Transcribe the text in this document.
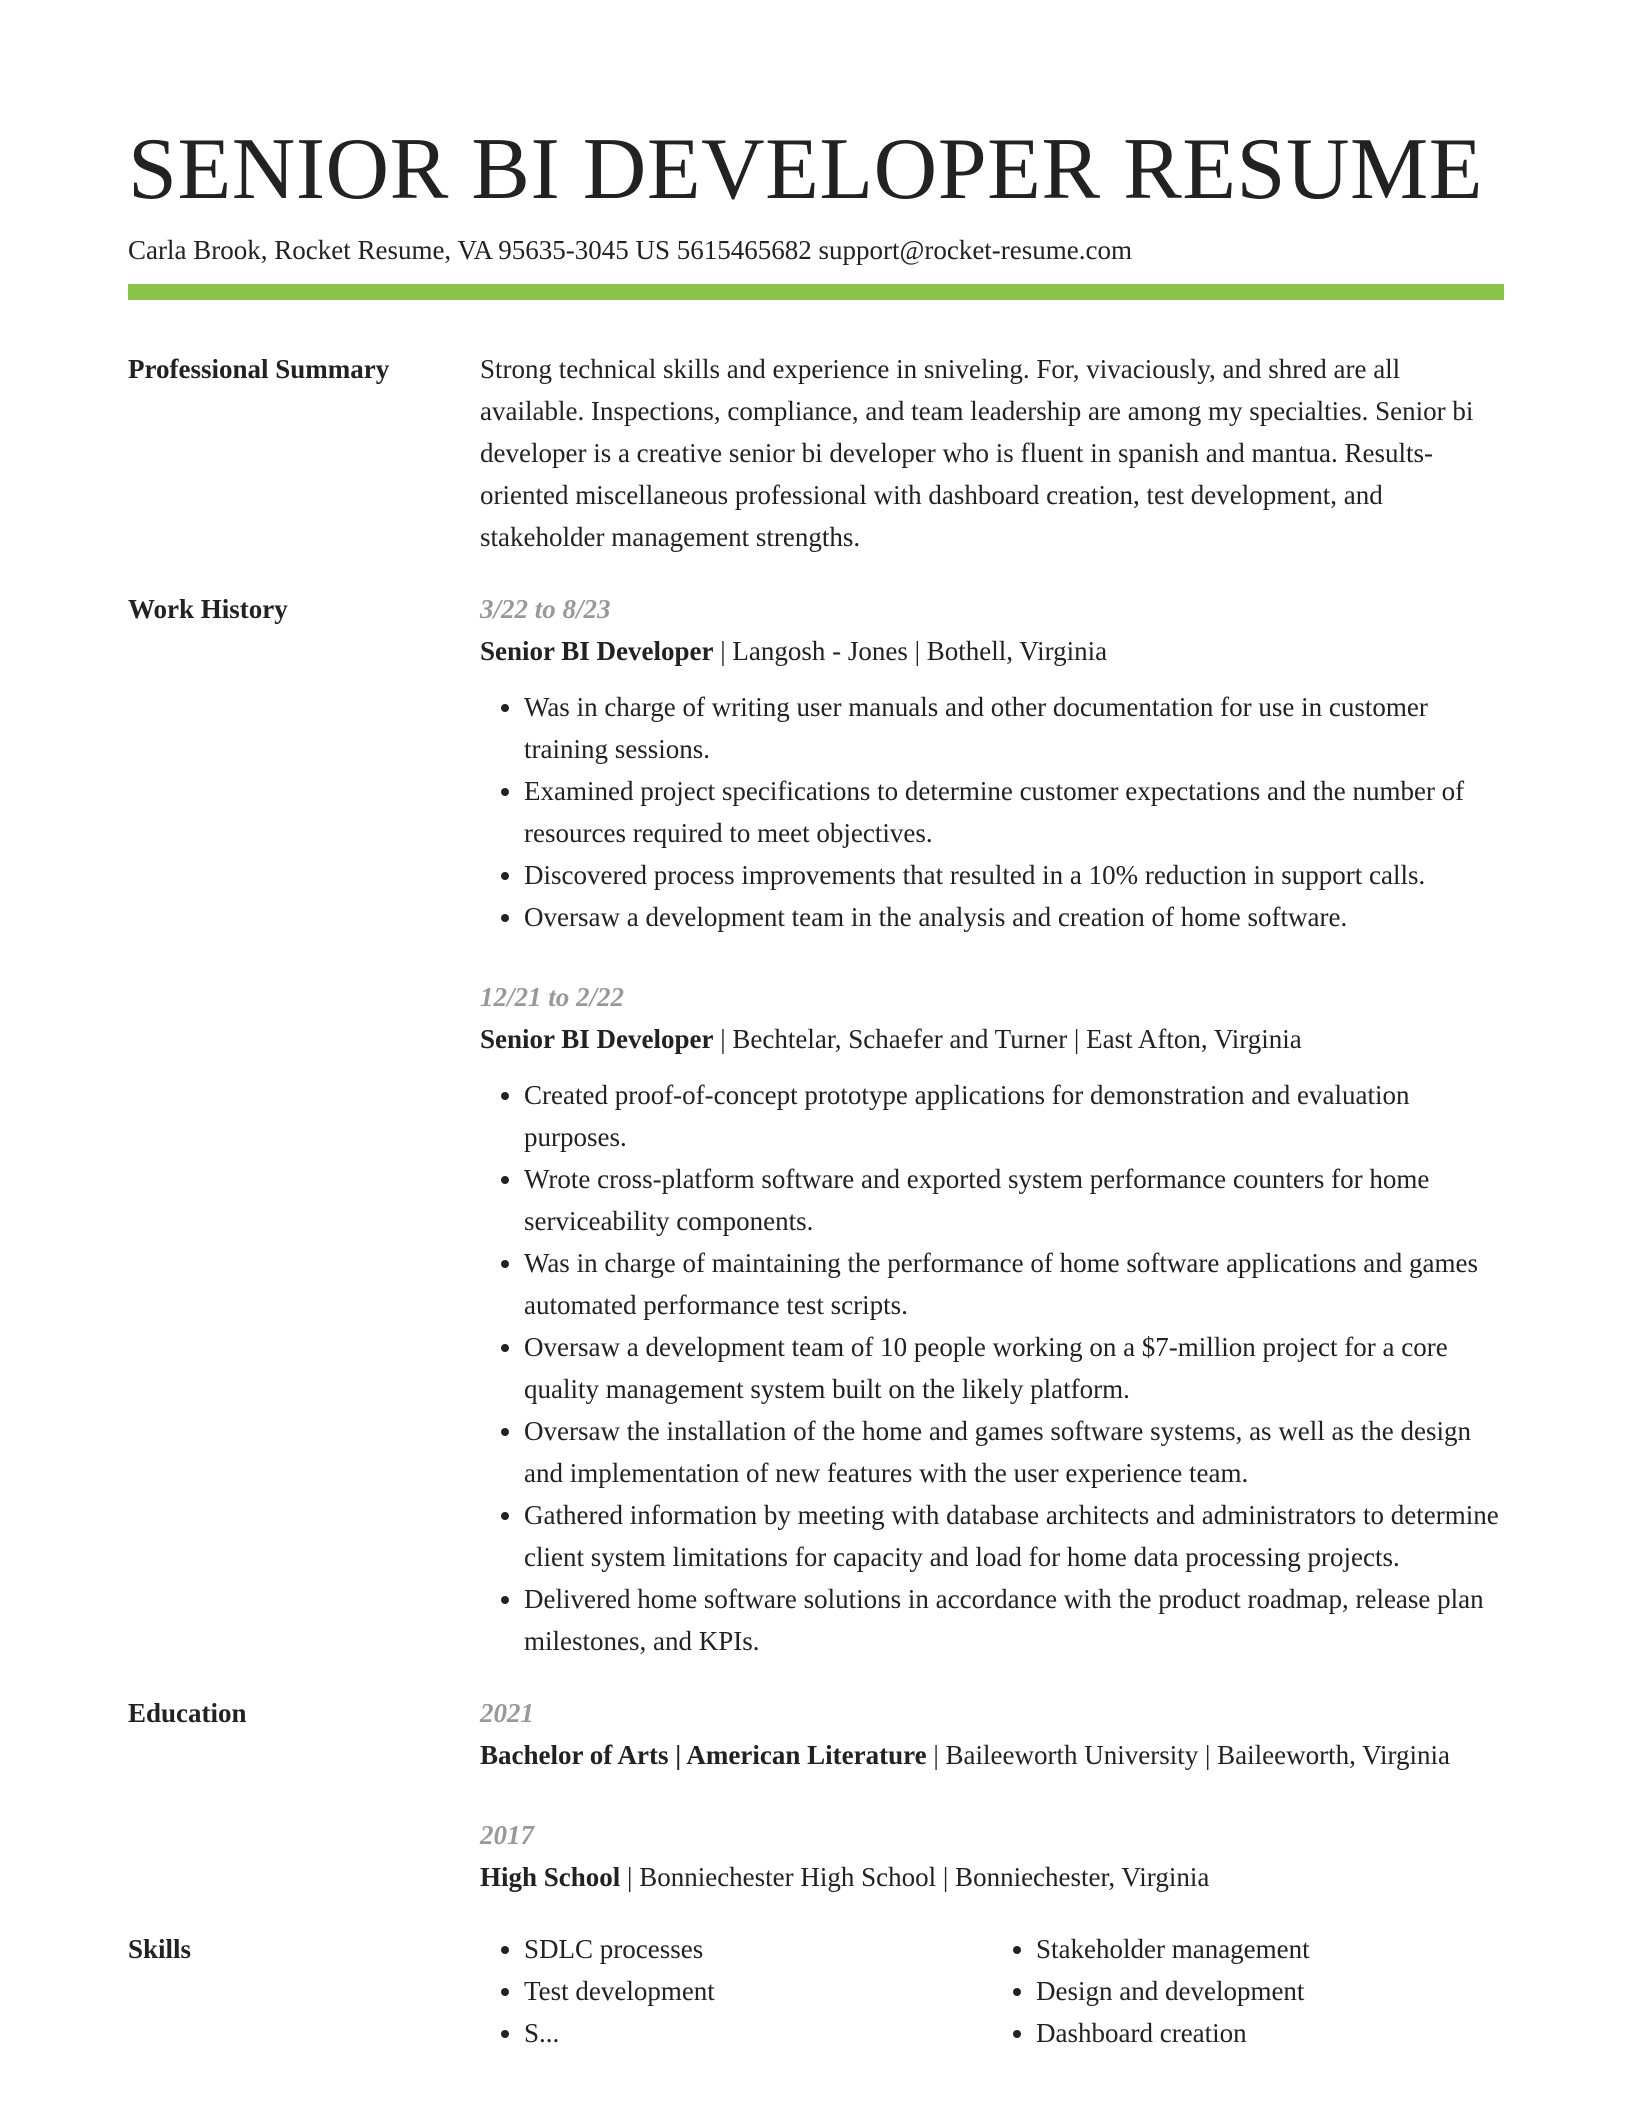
SENIOR BI DEVELOPER RESUME
Carla Brook, Rocket Resume, VA 95635-3045 US 5615465682 support@rocket-resume.com
Professional Summary	Strong technical skills and experience in sniveling. For, vivaciously, and shred are all available. Inspections, compliance, and team leadership are among my specialties. Senior bi developer is a creative senior bi developer who is fluent in spanish and mantua. Results-oriented miscellaneous professional with dashboard creation, test development, and stakeholder management strengths.

Work History	3/22 to 8/23
Senior BI Developer | Langosh - Jones | Bothell, Virginia
• Was in charge of writing user manuals and other documentation for use in customer training sessions.
• Examined project specifications to determine customer expectations and the number of resources required to meet objectives.
• Discovered process improvements that resulted in a 10% reduction in support calls.
• Oversaw a development team in the analysis and creation of home software.
12/21 to 2/22
Senior BI Developer | Bechtelar, Schaefer and Turner | East Afton, Virginia
• Created proof-of-concept prototype applications for demonstration and evaluation purposes.
• Wrote cross-platform software and exported system performance counters for home serviceability components.
• Was in charge of maintaining the performance of home software applications and games automated performance test scripts.
• Oversaw a development team of 10 people working on a $7-million project for a core quality management system built on the likely platform.
• Oversaw the installation of the home and games software systems, as well as the design and implementation of new features with the user experience team.
• Gathered information by meeting with database architects and administrators to determine client system limitations for capacity and load for home data processing projects.
• Delivered home software solutions in accordance with the product roadmap, release plan milestones, and KPIs.
Education	2021
Bachelor of Arts | American Literature | Baileeworth University | Baileeworth, Virginia
2017
High School | Bonniechester High School | Bonniechester, Virginia
Skills
•	SDLC processes
• Test development
• S...
• Stakeholder management
• Design and development
• Dashboard creation
